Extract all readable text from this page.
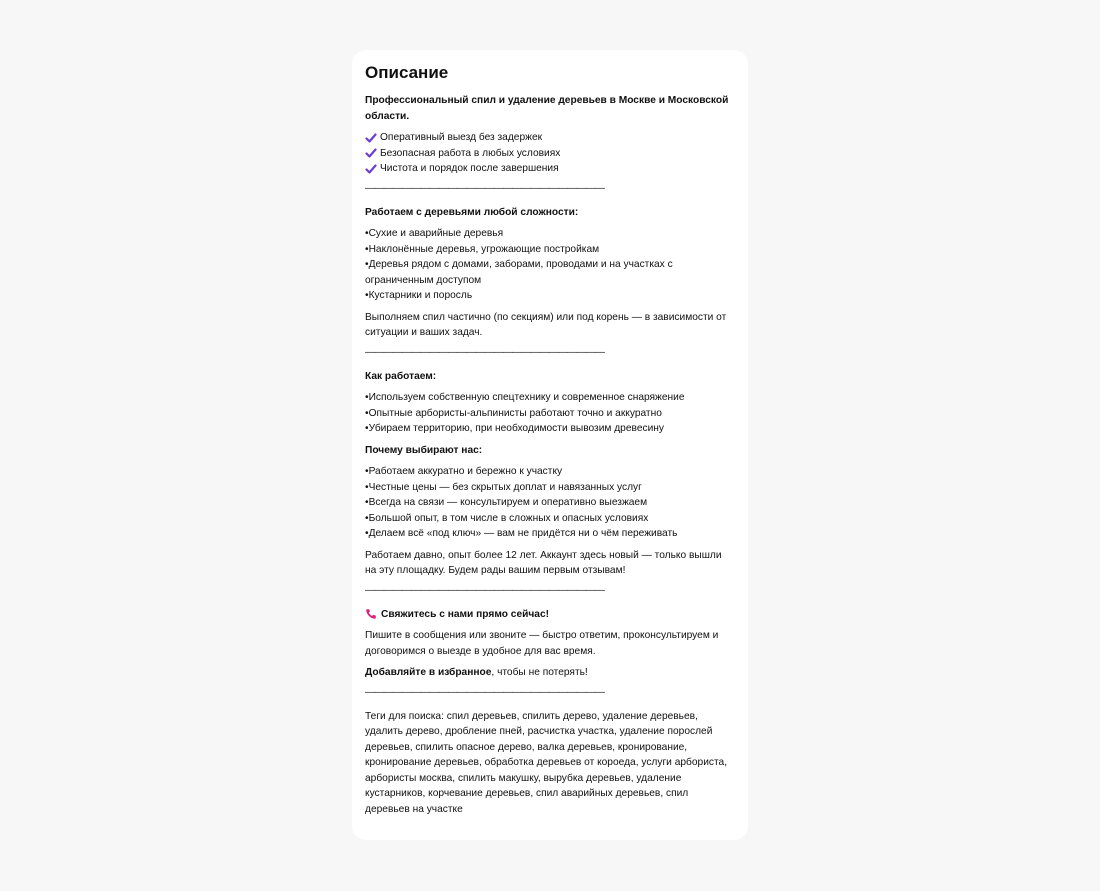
Описание

Профессиональный спил и удаление деревьев в Москве и Московской области.

Оперативный выезд без задержек
Безопасная работа в любых условиях
Чистота и порядок после завершения
——————————————————————————

Работаем с деревьями любой сложности:

• Сухие и аварийные деревья
• Наклонённые деревья, угрожающие постройкам
• Деревья рядом с домами, заборами, проводами и на участках с ограниченным доступом
• Кустарники и поросль

Выполняем спил частично (по секциям) или под корень — в зависимости от ситуации и ваших задач.

——————————————————————————

Как работаем:

• Используем собственную спецтехнику и современное снаряжение
• Опытные арбористы-альпинисты работают точно и аккуратно
• Убираем территорию, при необходимости вывозим древесину

Почему выбирают нас:

• Работаем аккуратно и бережно к участку
• Честные цены — без скрытых доплат и навязанных услуг
• Всегда на связи — консультируем и оперативно выезжаем
• Большой опыт, в том числе в сложных и опасных условиях
• Делаем всё «под ключ» — вам не придётся ни о чём переживать

Работаем давно, опыт более 12 лет. Аккаунт здесь новый — только вышли на эту площадку. Будем рады вашим первым отзывам!

——————————————————————————
Свяжитесь с нами прямо сейчас!

Пишите в сообщения или звоните — быстро ответим, проконсультируем и договоримся о выезде в удобное для вас время.

Добавляйте в избранное, чтобы не потерять!

——————————————————————————

Теги для поиска: спил деревьев, спилить дерево, удаление деревьев, удалить дерево, дробление пней, расчистка участка, удаление порослей деревьев, спилить опасное дерево, валка деревьев, кронирование, кронирование деревьев, обработка деревьев от короеда, услуги арбориста, арбористы москва, спилить макушку, вырубка деревьев, удаление кустарников, корчевание деревьев, спил аварийных деревьев, спил деревьев на участке
